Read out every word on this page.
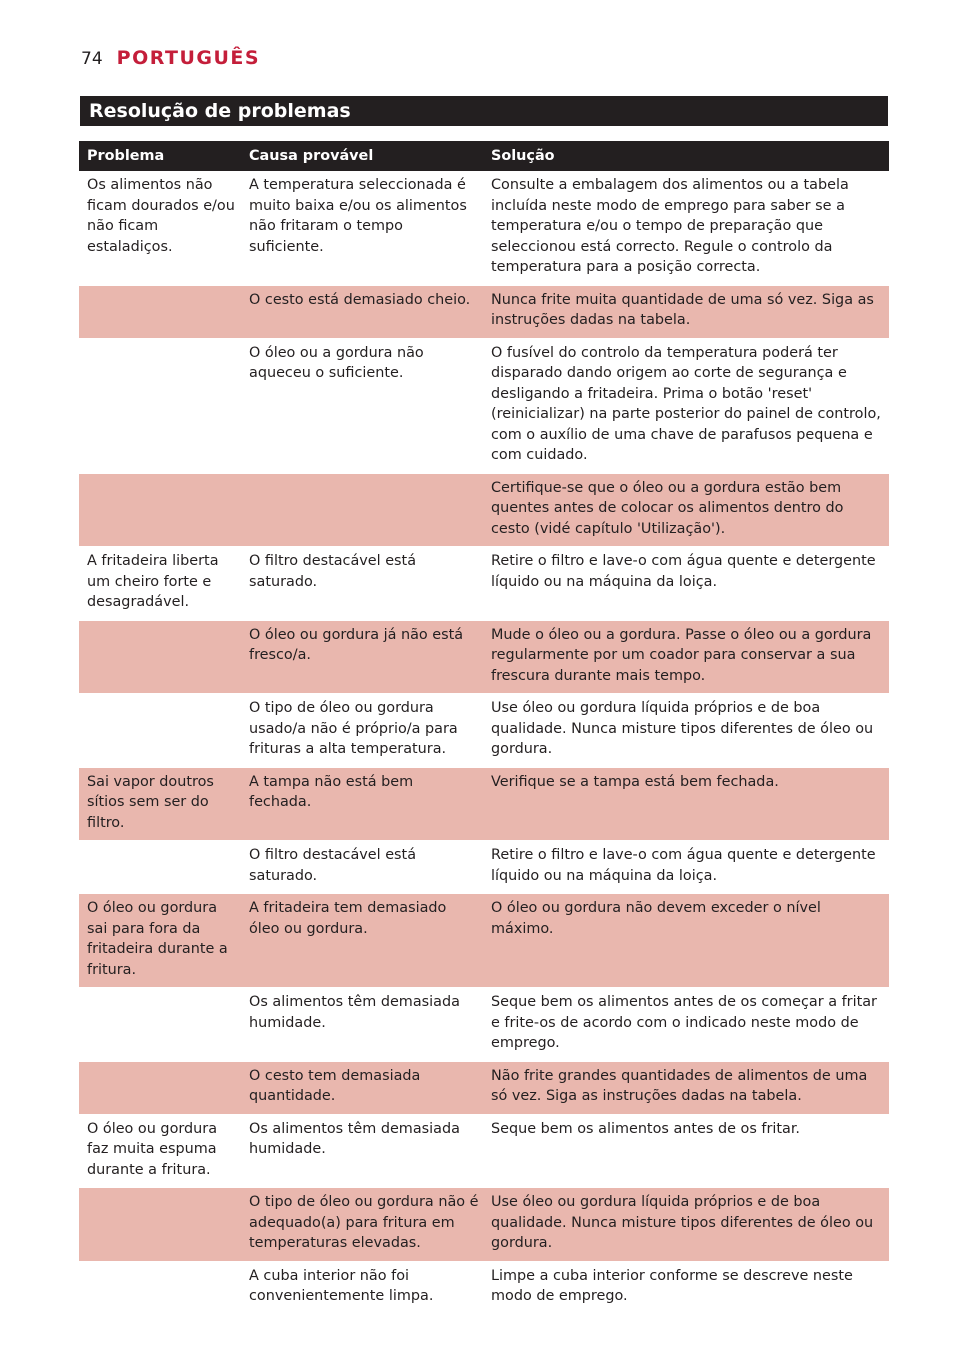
74 PORTUGUÊS
Resolução de problemas
Problema	Causa provável	Solução
Os alimentos não ficam dourados e/ou não ficam estaladiços.	A temperatura seleccionada é muito baixa e/ou os alimentos não fritaram o tempo suficiente.	Consulte a embalagem dos alimentos ou a tabela incluída neste modo de emprego para saber se a temperatura e/ou o tempo de preparação que seleccionou está correcto. Regule o controlo da temperatura para a posição correcta.
	O cesto está demasiado cheio.	Nunca frite muita quantidade de uma só vez. Siga as instruções dadas na tabela.
	O óleo ou a gordura não aqueceu o suficiente.	O fusível do controlo da temperatura poderá ter disparado dando origem ao corte de segurança e desligando a fritadeira. Prima o botão 'reset' (reinicializar) na parte posterior do painel de controlo, com o auxílio de uma chave de parafusos pequena e com cuidado.
		Certifique-se que o óleo ou a gordura estão bem quentes antes de colocar os alimentos dentro do cesto (vidé capítulo 'Utilização').
A fritadeira liberta um cheiro forte e desagradável.	O filtro destacável está saturado.	Retire o filtro e lave-o com água quente e detergente líquido ou na máquina da loiça.
	O óleo ou gordura já não está fresco/a.	Mude o óleo ou a gordura. Passe o óleo ou a gordura regularmente por um coador para conservar a sua frescura durante mais tempo.
	O tipo de óleo ou gordura usado/a não é próprio/a para frituras a alta temperatura.	Use óleo ou gordura líquida próprios e de boa qualidade. Nunca misture tipos diferentes de óleo ou gordura.
Sai vapor doutros sítios sem ser do filtro.	A tampa não está bem fechada.	Verifique se a tampa está bem fechada.
	O filtro destacável está saturado.	Retire o filtro e lave-o com água quente e detergente líquido ou na máquina da loiça.
O óleo ou gordura sai para fora da fritadeira durante a fritura.	A fritadeira tem demasiado óleo ou gordura.	O óleo ou gordura não devem exceder o nível máximo.
	Os alimentos têm demasiada humidade.	Seque bem os alimentos antes de os começar a fritar e frite-os de acordo com o indicado neste modo de emprego.
	O cesto tem demasiada quantidade.	Não frite grandes quantidades de alimentos de uma só vez. Siga as instruções dadas na tabela.
O óleo ou gordura faz muita espuma durante a fritura.	Os alimentos têm demasiada humidade.	Seque bem os alimentos antes de os fritar.
	O tipo de óleo ou gordura não é adequado(a) para fritura em temperaturas elevadas.	Use óleo ou gordura líquida próprios e de boa qualidade. Nunca misture tipos diferentes de óleo ou gordura.
	A cuba interior não foi convenientemente limpa.	Limpe a cuba interior conforme se descreve neste modo de emprego.
